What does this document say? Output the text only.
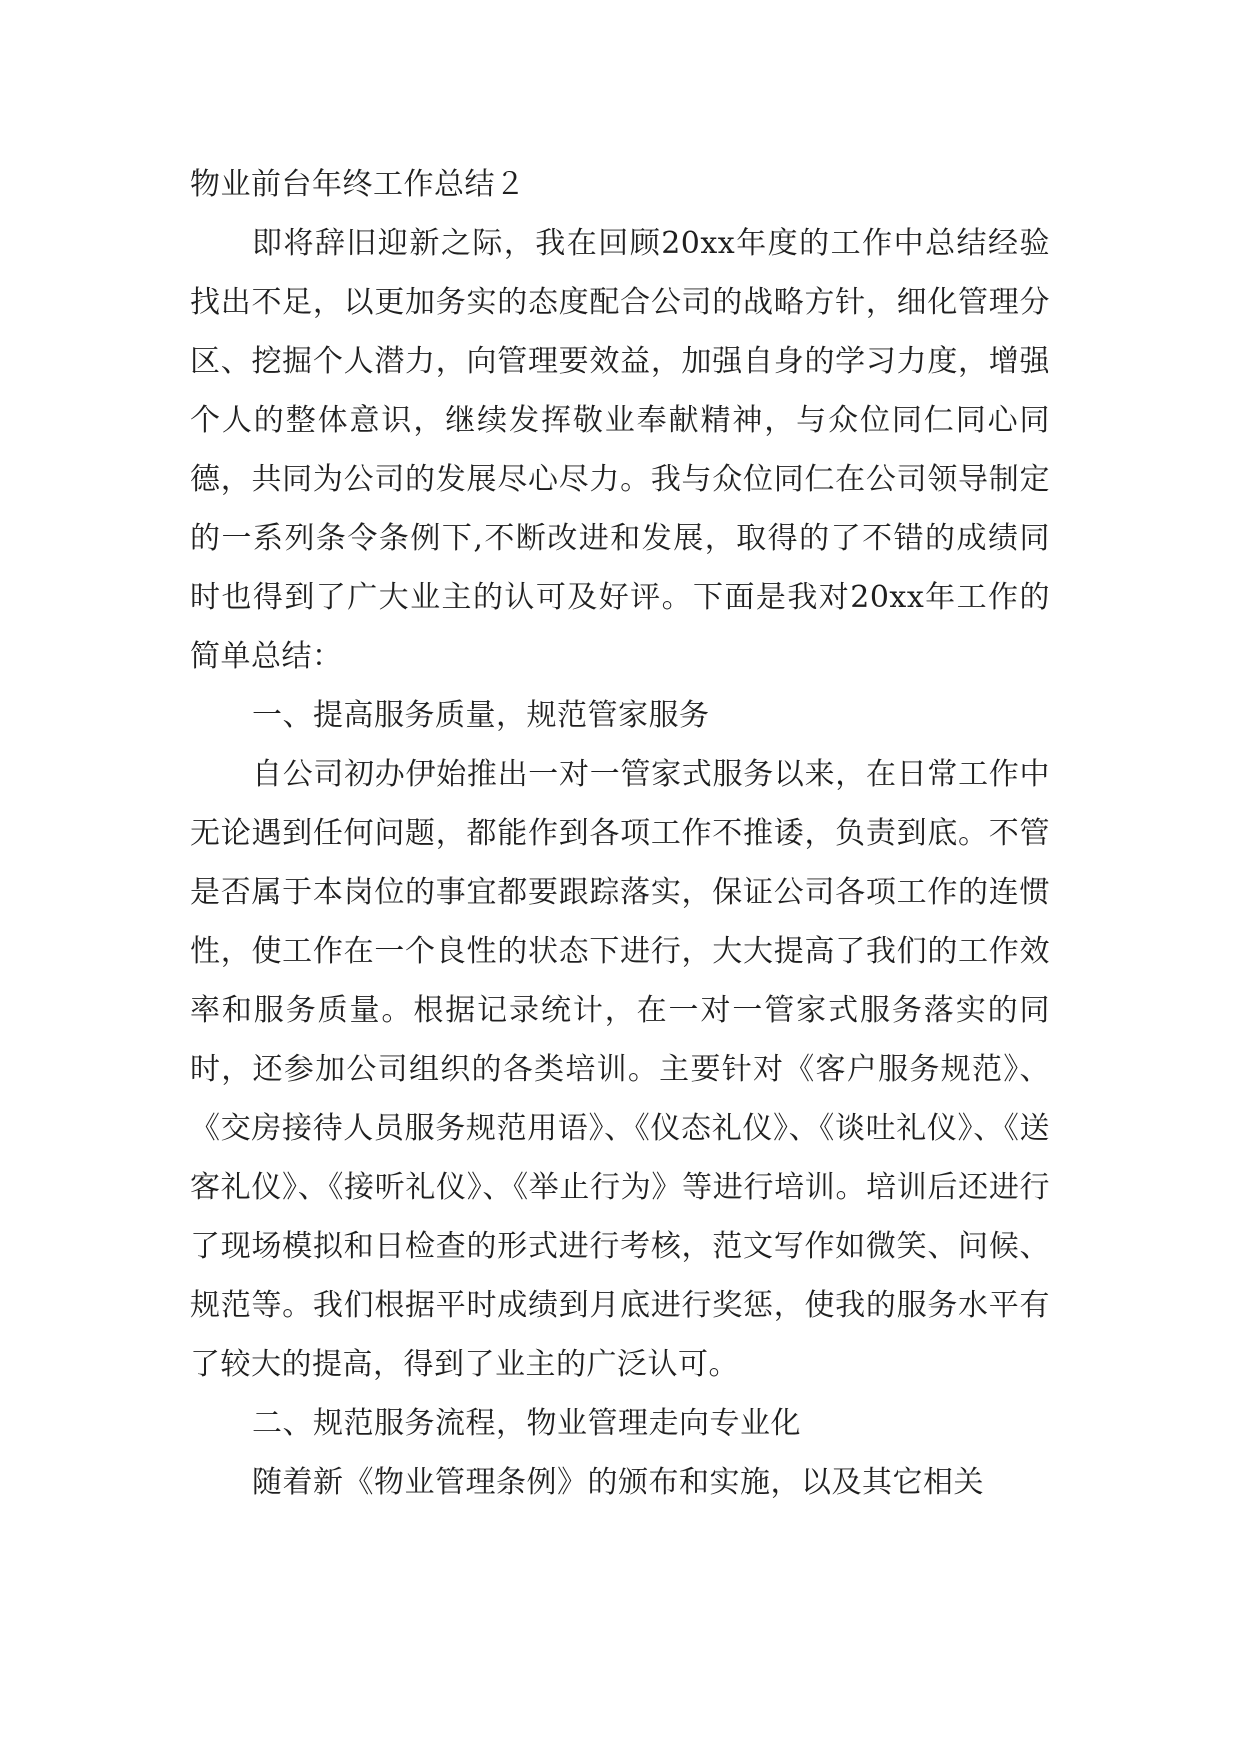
物业前台年终工作总结２

即将辞旧迎新之际，我在回顾20xx年度的工作中总结经验找出不足，以更加务实的态度配合公司的战略方针，细化管理分区、挖掘个人潜力，向管理要效益，加强自身的学习力度，增强个人的整体意识，继续发挥敬业奉献精神，与众位同仁同心同德，共同为公司的发展尽心尽力。我与众位同仁在公司领导制定的一系列条令条例下,不断改进和发展，取得的了不错的成绩同时也得到了广大业主的认可及好评。下面是我对20xx年工作的简单总结：

一、提高服务质量，规范管家服务

自公司初办伊始推出一对一管家式服务以来，在日常工作中无论遇到任何问题，都能作到各项工作不推诿，负责到底。不管是否属于本岗位的事宜都要跟踪落实，保证公司各项工作的连惯性，使工作在一个良性的状态下进行，大大提高了我们的工作效率和服务质量。根据记录统计，在一对一管家式服务落实的同时，还参加公司组织的各类培训。主要针对《客户服务规范》、《交房接待人员服务规范用语》、《仪态礼仪》、《谈吐礼仪》、《送客礼仪》、《接听礼仪》、《举止行为》等进行培训。培训后还进行了现场模拟和日检查的形式进行考核，范文写作如微笑、问候、规范等。我们根据平时成绩到月底进行奖惩，使我的服务水平有了较大的提高，得到了业主的广泛认可。

二、规范服务流程，物业管理走向专业化

随着新《物业管理条例》的颁布和实施，以及其它相关
